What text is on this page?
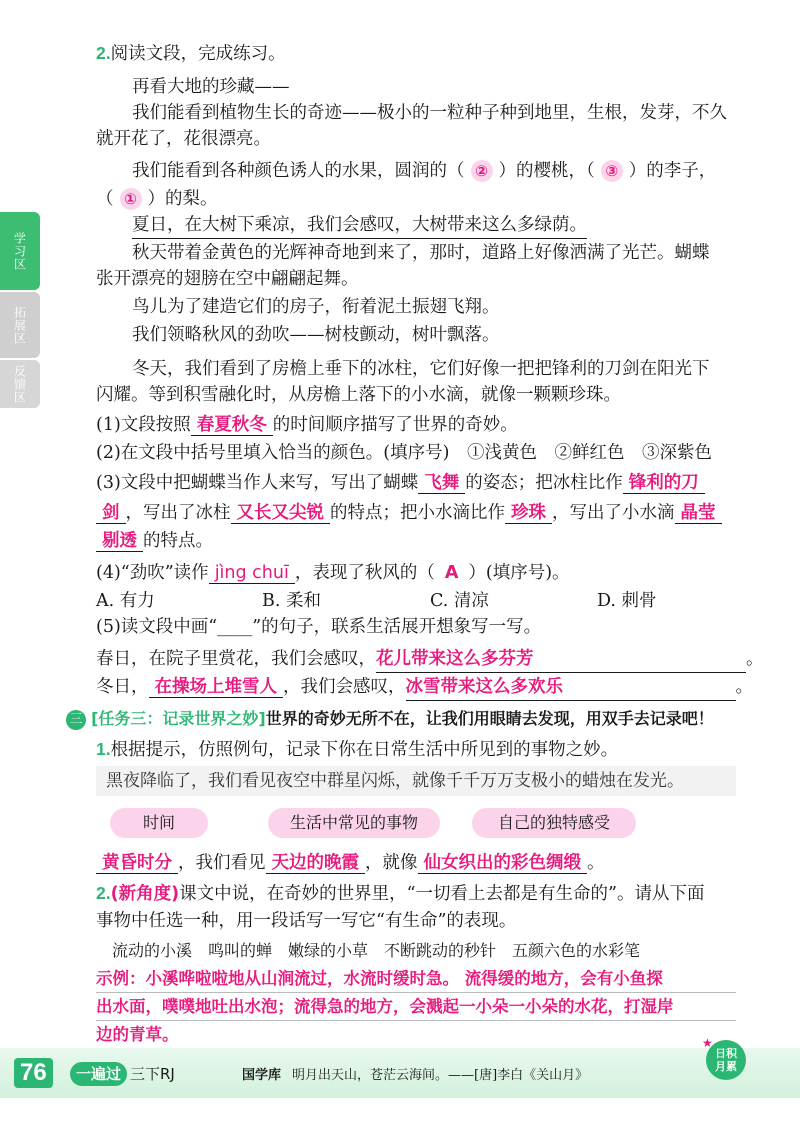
学习区
拓展区
反馈区
2.阅读文段，完成练习。
再看大地的珍藏——
我们能看到植物生长的奇迹——极小的一粒种子种到地里，生根，发芽，不久
就开花了，花很漂亮。
我们能看到各种颜色诱人的水果，圆润的（ ② ）的樱桃，（ ③ ）的李子，
（ ① ）的梨。
夏日，在大树下乘凉，我们会感叹，大树带来这么多绿荫。
秋天带着金黄色的光辉神奇地到来了，那时，道路上好像洒满了光芒。蝴蝶
张开漂亮的翅膀在空中翩翩起舞。
鸟儿为了建造它们的房子，衔着泥土振翅飞翔。
我们领略秋风的劲吹——树枝颤动，树叶飘落。
冬天，我们看到了房檐上垂下的冰柱，它们好像一把把锋利的刀剑在阳光下
闪耀。等到积雪融化时，从房檐上落下的小水滴，就像一颗颗珍珠。
(1)文段按照 春夏秋冬 的时间顺序描写了世界的奇妙。
(2)在文段中括号里填入恰当的颜色。(填序号)　①浅黄色　②鲜红色　③深紫色
(3)文段中把蝴蝶当作人来写，写出了蝴蝶 飞舞 的姿态；把冰柱比作 锋利的刀
剑 ，写出了冰柱 又长又尖锐 的特点；把小水滴比作 珍珠 ，写出了小水滴 晶莹
剔透 的特点。
(4)“劲吹”读作 jìng chuī ，表现了秋风的（ A ）(填序号)。
A. 有力	B. 柔和	C. 清凉	D. 刺骨
(5)读文段中画“____”的句子，联系生活展开想象写一写。
春日，在院子里赏花，我们会感叹，花儿带来这么多芬芳	。
冬日， 在操场上堆雪人 ，我们会感叹，冰雪带来这么多欢乐	。
三 [任务三：记录世界之妙]世界的奇妙无所不在，让我们用眼睛去发现，用双手去记录吧！
1.根据提示，仿照例句，记录下你在日常生活中所见到的事物之妙。
黑夜降临了，我们看见夜空中群星闪烁，就像千千万万支极小的蜡烛在发光。
时间	生活中常见的事物	自己的独特感受
黄昏时分 ，我们看见 天边的晚霞 ，就像 仙女织出的彩色绸缎 。
2.(新角度)课文中说，在奇妙的世界里，“一切看上去都是有生命的”。请从下面
事物中任选一种，用一段话写一写它“有生命”的表现。
流动的小溪　鸣叫的蝉　嫩绿的小草　不断跳动的秒针　五颜六色的水彩笔
示例：小溪哗啦啦地从山涧流过，水流时缓时急。 流得缓的地方，会有小鱼探
出水面，噗噗地吐出水泡；流得急的地方，会溅起一小朵一小朵的水花，打湿岸
边的青草。
76	一遍过 三下RJ	国学库 明月出天山，苍茫云海间。——[唐]李白《关山月》
日积
月累
★
